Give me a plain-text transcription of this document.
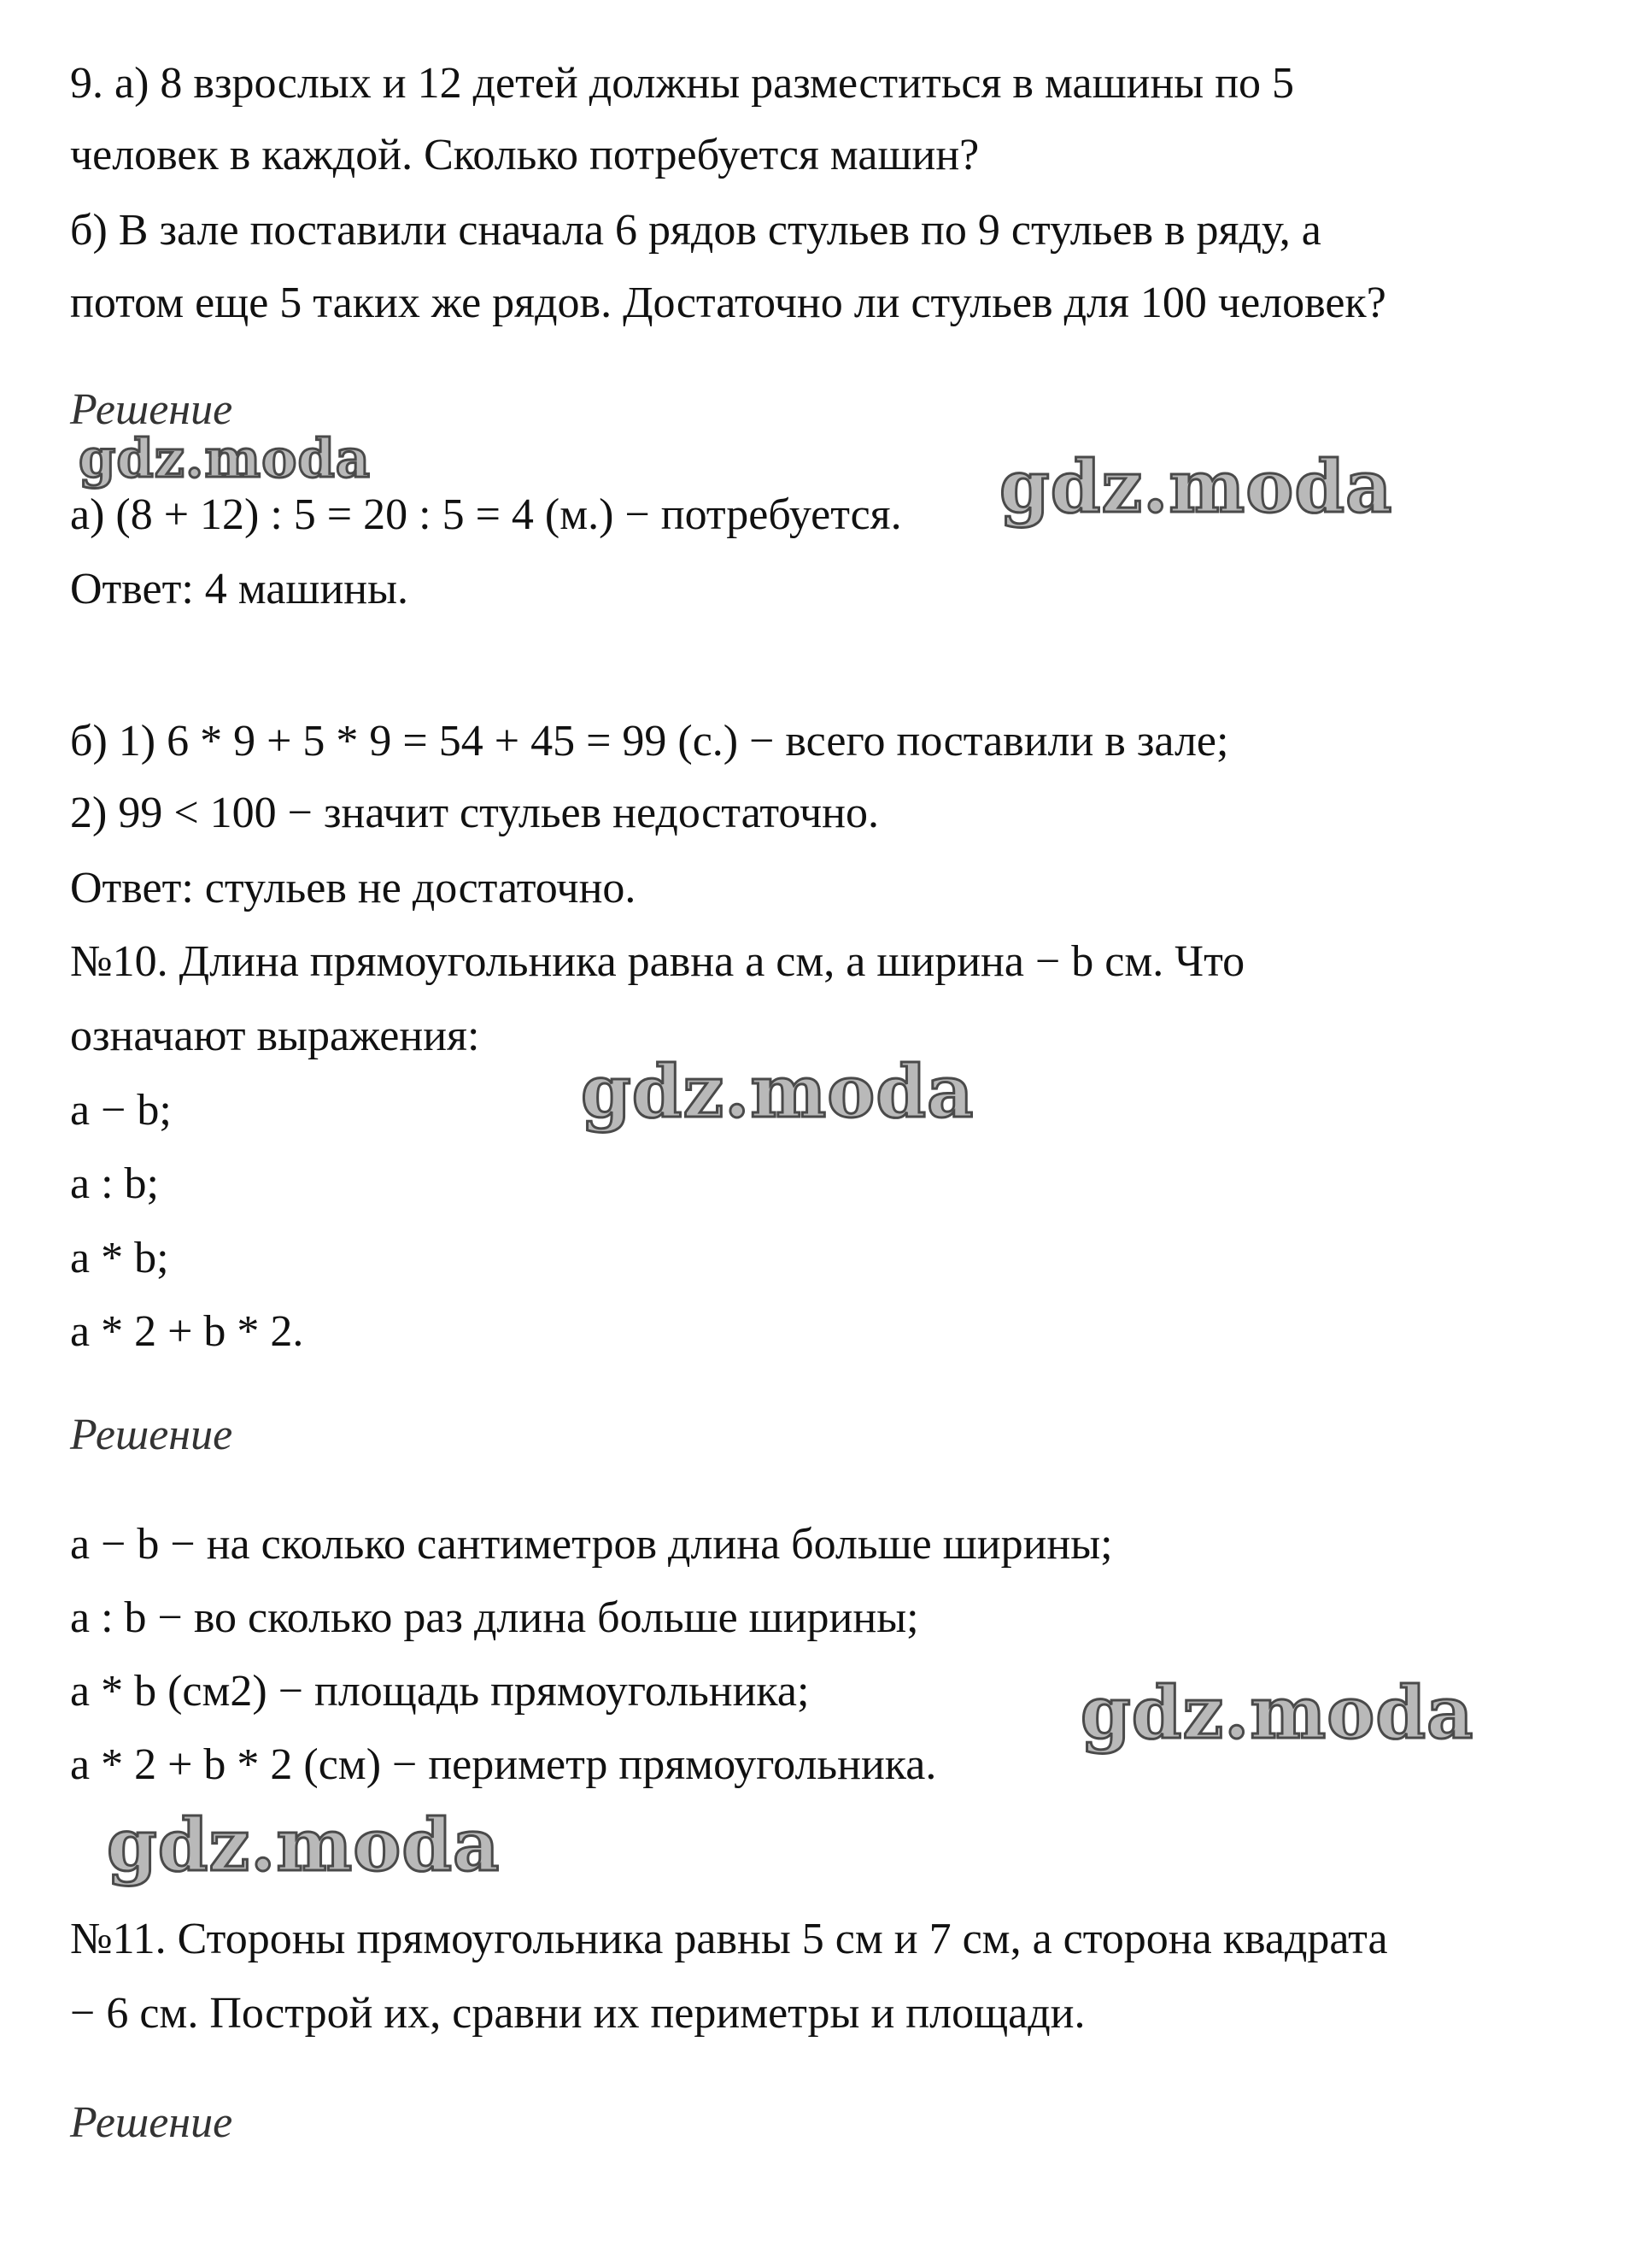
9. а) 8 взрослых и 12 детей должны разместиться в машины по 5
человек в каждой. Сколько потребуется машин?
б) В зале поставили сначала 6 рядов стульев по 9 стульев в ряду, а
потом еще 5 таких же рядов. Достаточно ли стульев для 100 человек?
Решение
а) (8 + 12) : 5 = 20 : 5 = 4 (м.) − потребуется.
Ответ: 4 машины.
б) 1) 6 * 9 + 5 * 9 = 54 + 45 = 99 (с.) − всего поставили в зале;
2) 99 < 100 − значит стульев недостаточно.
Ответ: стульев не достаточно.
№10. Длина прямоугольника равна a см, а ширина − b см. Что
означают выражения:
a − b;
a : b;
a * b;
a * 2 + b * 2.
Решение
a − b − на сколько сантиметров длина больше ширины;
a : b − во сколько раз длина больше ширины;
a * b (см2) − площадь прямоугольника;
a * 2 + b * 2 (см) − периметр прямоугольника.
№11. Стороны прямоугольника равны 5 см и 7 см, а сторона квадрата
− 6 см. Построй их, сравни их периметры и площади.
Решение
gdz.moda	gdz.moda
gdz.moda
gdz.moda
gdz.moda
